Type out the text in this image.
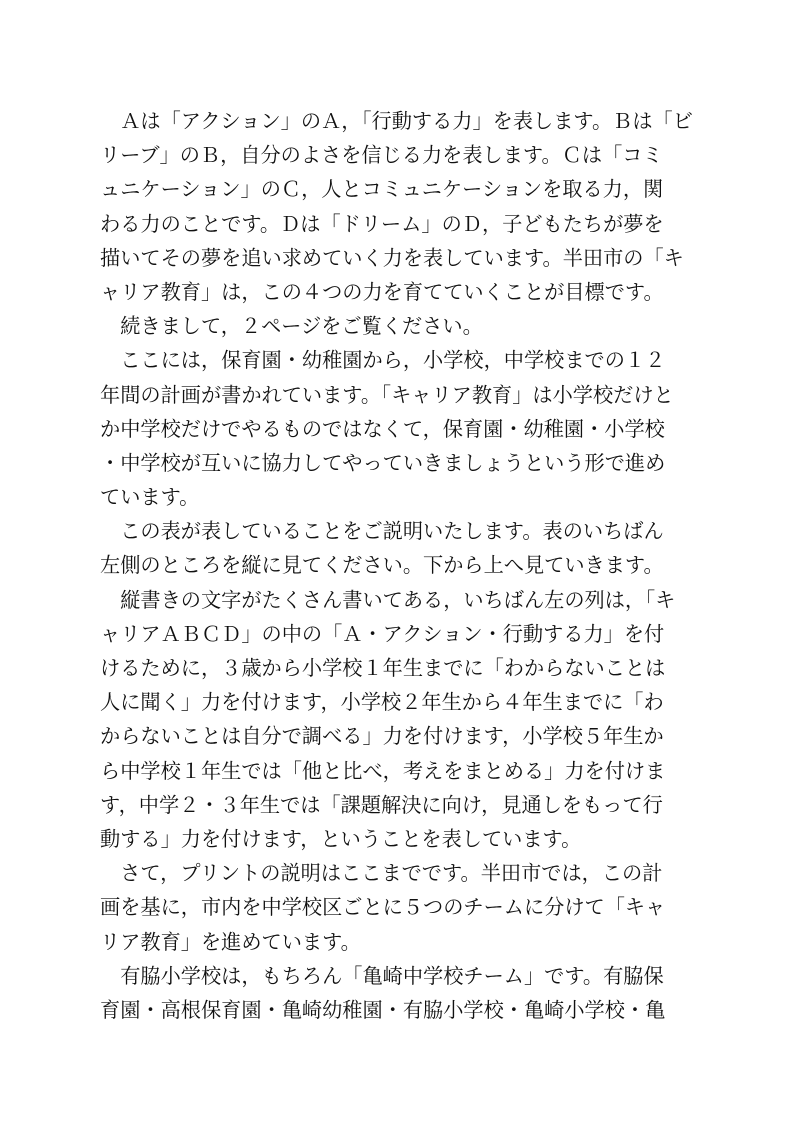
　Ａは「アクション」のＡ，「行動する力」を表します。Ｂは「ビ
リーブ」のＢ，自分のよさを信じる力を表します。Ｃは「コミ
ュニケーション」のＣ，人とコミュニケーションを取る力，関
わる力のことです。Ｄは「ドリーム」のＤ，子どもたちが夢を
描いてその夢を追い求めていく力を表しています。半田市の「キ
ャリア教育」は，この４つの力を育てていくことが目標です。
　続きまして，２ページをご覧ください。
　ここには，保育園・幼稚園から，小学校，中学校までの１２
年間の計画が書かれています。「キャリア教育」は小学校だけと
か中学校だけでやるものではなくて，保育園・幼稚園・小学校
・中学校が互いに協力してやっていきましょうという形で進め
ています。
　この表が表していることをご説明いたします。表のいちばん
左側のところを縦に見てください。下から上へ見ていきます。
　縦書きの文字がたくさん書いてある，いちばん左の列は，「キ
ャリアＡＢＣＤ」の中の「Ａ・アクション・行動する力」を付
けるために，３歳から小学校１年生までに「わからないことは
人に聞く」力を付けます，小学校２年生から４年生までに「わ
からないことは自分で調べる」力を付けます，小学校５年生か
ら中学校１年生では「他と比べ，考えをまとめる」力を付けま
す，中学２・３年生では「課題解決に向け，見通しをもって行
動する」力を付けます，ということを表しています。
　さて，プリントの説明はここまでです。半田市では，この計
画を基に，市内を中学校区ごとに５つのチームに分けて「キャ
リア教育」を進めています。
　有脇小学校は，もちろん「亀崎中学校チーム」です。有脇保
育園・高根保育園・亀崎幼稚園・有脇小学校・亀崎小学校・亀
